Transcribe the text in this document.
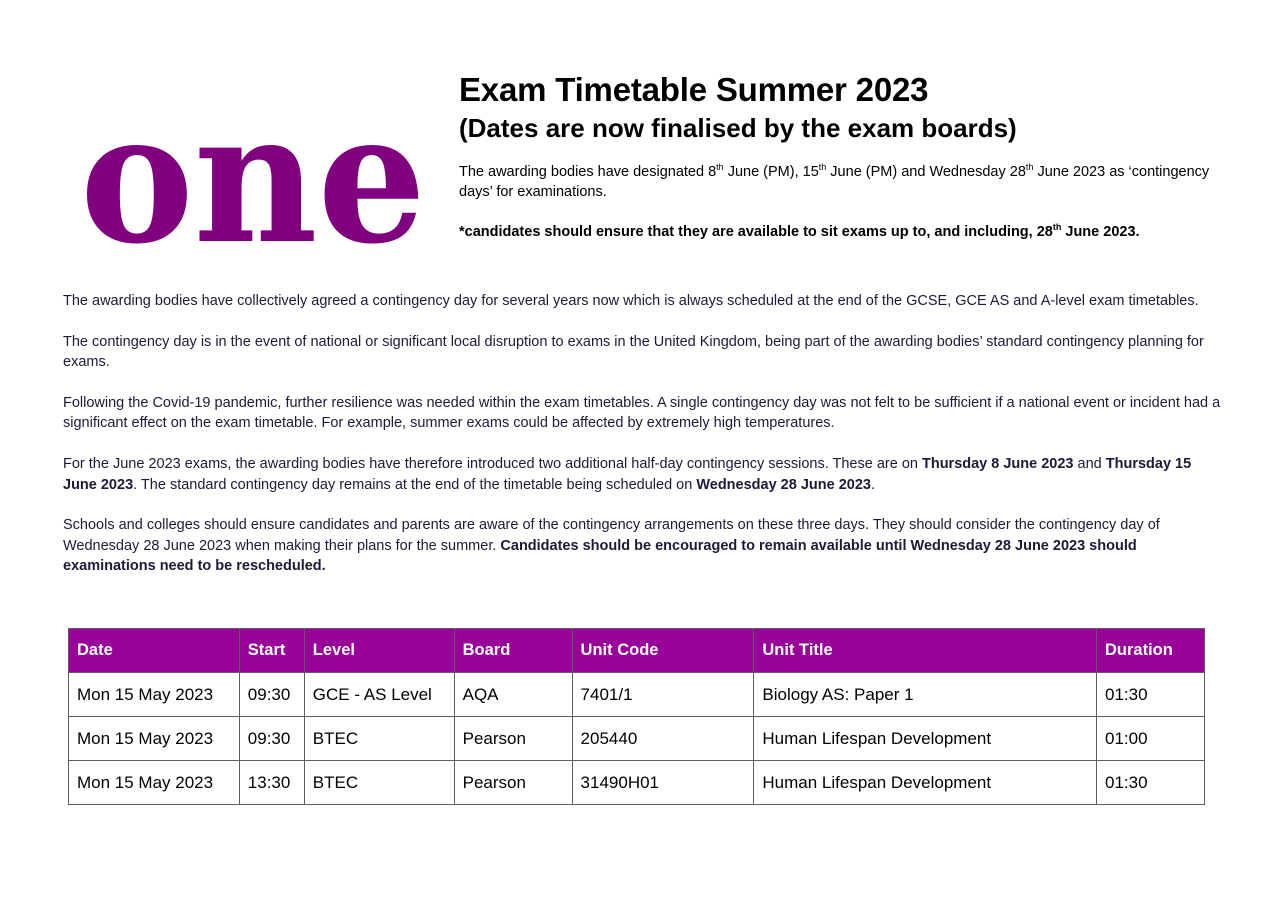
one Exam Timetable Summer 2023
(Dates are now finalised by the exam boards)

The awarding bodies have designated 8th June (PM), 15th June (PM) and Wednesday 28th June 2023 as ‘contingency days’ for examinations.

*candidates should ensure that they are available to sit exams up to, and including, 28th June 2023.

The awarding bodies have collectively agreed a contingency day for several years now which is always scheduled at the end of the GCSE, GCE AS and A-level exam timetables.

The contingency day is in the event of national or significant local disruption to exams in the United Kingdom, being part of the awarding bodies’ standard contingency planning for exams.

Following the Covid-19 pandemic, further resilience was needed within the exam timetables. A single contingency day was not felt to be sufficient if a national event or incident had a significant effect on the exam timetable. For example, summer exams could be affected by extremely high temperatures.

For the June 2023 exams, the awarding bodies have therefore introduced two additional half-day contingency sessions. These are on Thursday 8 June 2023 and Thursday 15 June 2023. The standard contingency day remains at the end of the timetable being scheduled on Wednesday 28 June 2023.

Schools and colleges should ensure candidates and parents are aware of the contingency arrangements on these three days. They should consider the contingency day of Wednesday 28 June 2023 when making their plans for the summer. Candidates should be encouraged to remain available until Wednesday 28 June 2023 should examinations need to be rescheduled.

Date	Start	Level	Board	Unit Code	Unit Title	Duration
Mon 15 May 2023	09:30	GCE - AS Level	AQA	7401/1	Biology AS: Paper 1	01:30
Mon 15 May 2023	09:30	BTEC	Pearson	205440	Human Lifespan Development	01:00
Mon 15 May 2023	13:30	BTEC	Pearson	31490H01	Human Lifespan Development	01:30
